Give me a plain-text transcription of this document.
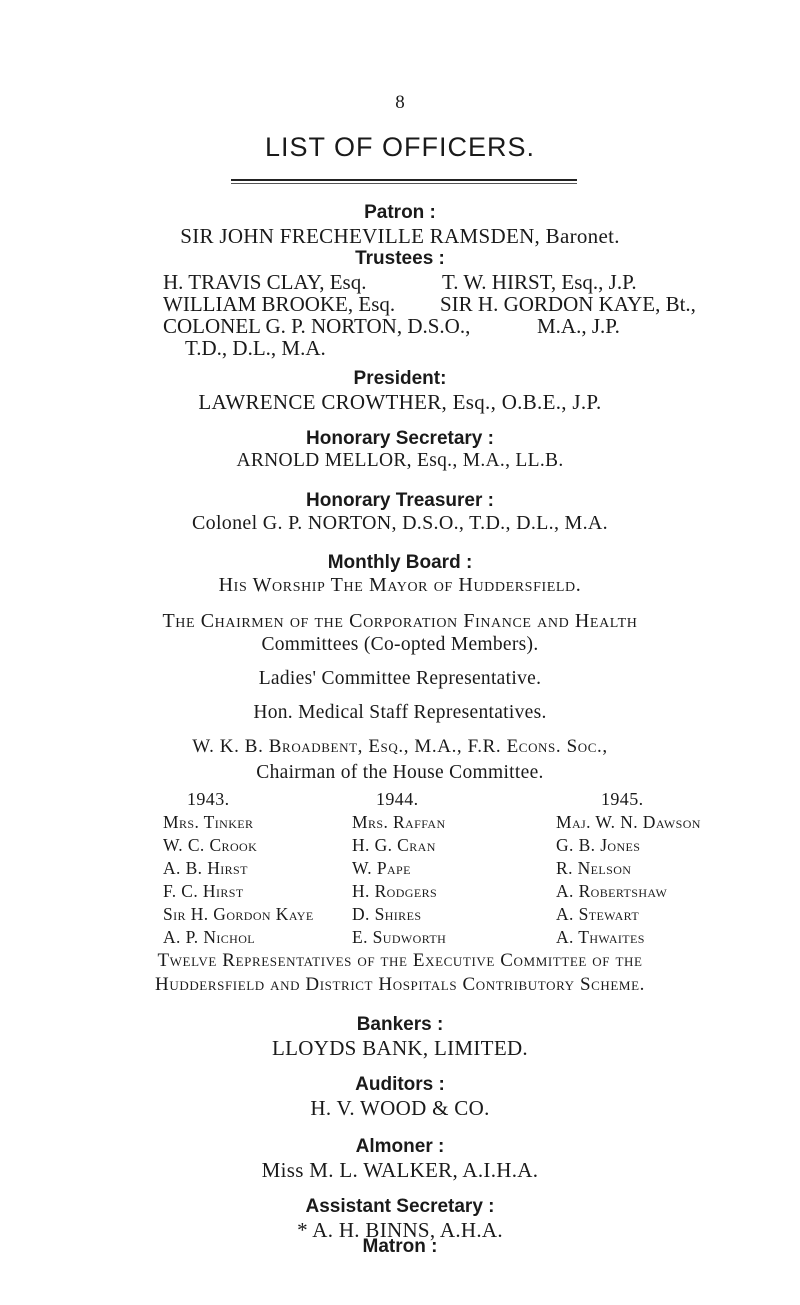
8
LIST OF OFFICERS.
Patron :
SIR JOHN FRECHEVILLE RAMSDEN, Baronet.
Trustees :
H. TRAVIS CLAY, Esq.	T. W. HIRST, Esq., J.P.
WILLIAM BROOKE, Esq. SIR H. GORDON KAYE, Bt.,
COLONEL G. P. NORTON, D.S.O.,	M.A., J.P.
T.D., D.L., M.A.
President:
LAWRENCE CROWTHER, Esq., O.B.E., J.P.
Honorary Secretary :
ARNOLD MELLOR, Esq., M.A., LL.B.
Honorary Treasurer :
Colonel G. P. NORTON, D.S.O., T.D., D.L., M.A.
Monthly Board :
His Worship The Mayor of Huddersfield.
The Chairmen of the Corporation Finance and Health
Committees (Co-opted Members).
Ladies' Committee Representative.
Hon. Medical Staff Representatives.
W. K. B. Broadbent, Esq., M.A., F.R. Econs. Soc.,
Chairman of the House Committee.
1943.
Mrs. Tinker
W. C. Crook
A. B. Hirst
F. C. Hirst
Sir H. Gordon Kaye
A. P. Nichol
1944.
Mrs. Raffan
H. G. Cran
W. Pape
H. Rodgers
D. Shires
E. Sudworth
1945.
Maj. W. N. Dawson
G. B. Jones
R. Nelson
A. Robertshaw
A. Stewart
A. Thwaites
Twelve Representatives of the Executive Committee of the
Huddersfield and District Hospitals Contributory Scheme.
Bankers :
LLOYDS BANK, LIMITED.
Auditors :
H. V. WOOD & CO.
Almoner :
Miss M. L. WALKER, A.I.H.A.
Assistant Secretary :
* A. H. BINNS, A.H.A.
Matron :
